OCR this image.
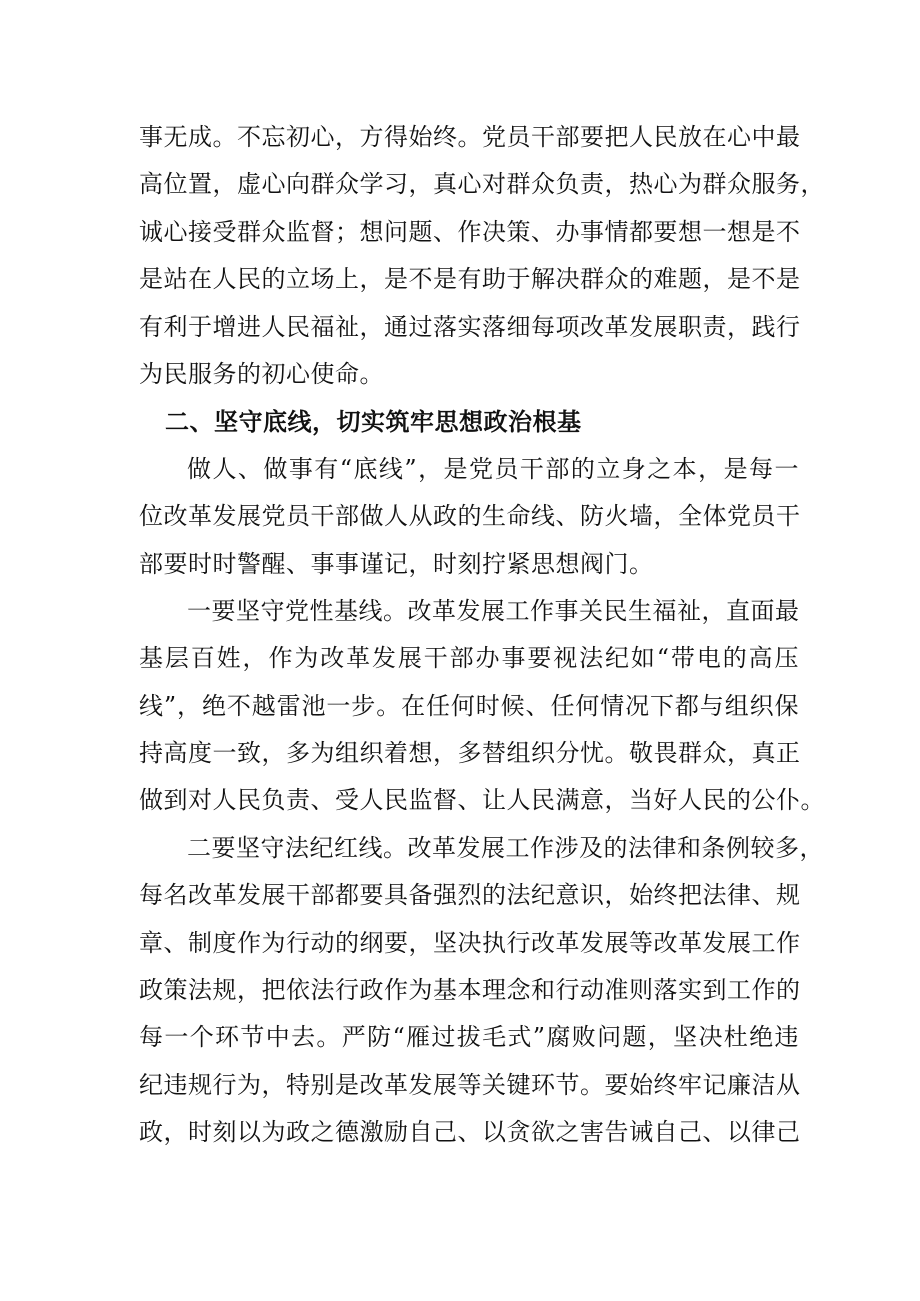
事无成。不忘初心，方得始终。党员干部要把人民放在心中最
高位置，虚心向群众学习，真心对群众负责，热心为群众服务，
诚心接受群众监督；想问题、作决策、办事情都要想一想是不
是站在人民的立场上，是不是有助于解决群众的难题，是不是
有利于增进人民福祉，通过落实落细每项改革发展职责，践行
为民服务的初心使命。
二、坚守底线，切实筑牢思想政治根基
做人、做事有“底线”，是党员干部的立身之本，是每一
位改革发展党员干部做人从政的生命线、防火墙，全体党员干
部要时时警醒、事事谨记，时刻拧紧思想阀门。
一要坚守党性基线。改革发展工作事关民生福祉，直面最
基层百姓，作为改革发展干部办事要视法纪如“带电的高压
线”，绝不越雷池一步。在任何时候、任何情况下都与组织保
持高度一致，多为组织着想，多替组织分忧。敬畏群众，真正
做到对人民负责、受人民监督、让人民满意，当好人民的公仆。
二要坚守法纪红线。改革发展工作涉及的法律和条例较多，
每名改革发展干部都要具备强烈的法纪意识，始终把法律、规
章、制度作为行动的纲要，坚决执行改革发展等改革发展工作
政策法规，把依法行政作为基本理念和行动准则落实到工作的
每一个环节中去。严防“雁过拔毛式”腐败问题，坚决杜绝违
纪违规行为，特别是改革发展等关键环节。要始终牢记廉洁从
政，时刻以为政之德激励自己、以贪欲之害告诫自己、以律己
